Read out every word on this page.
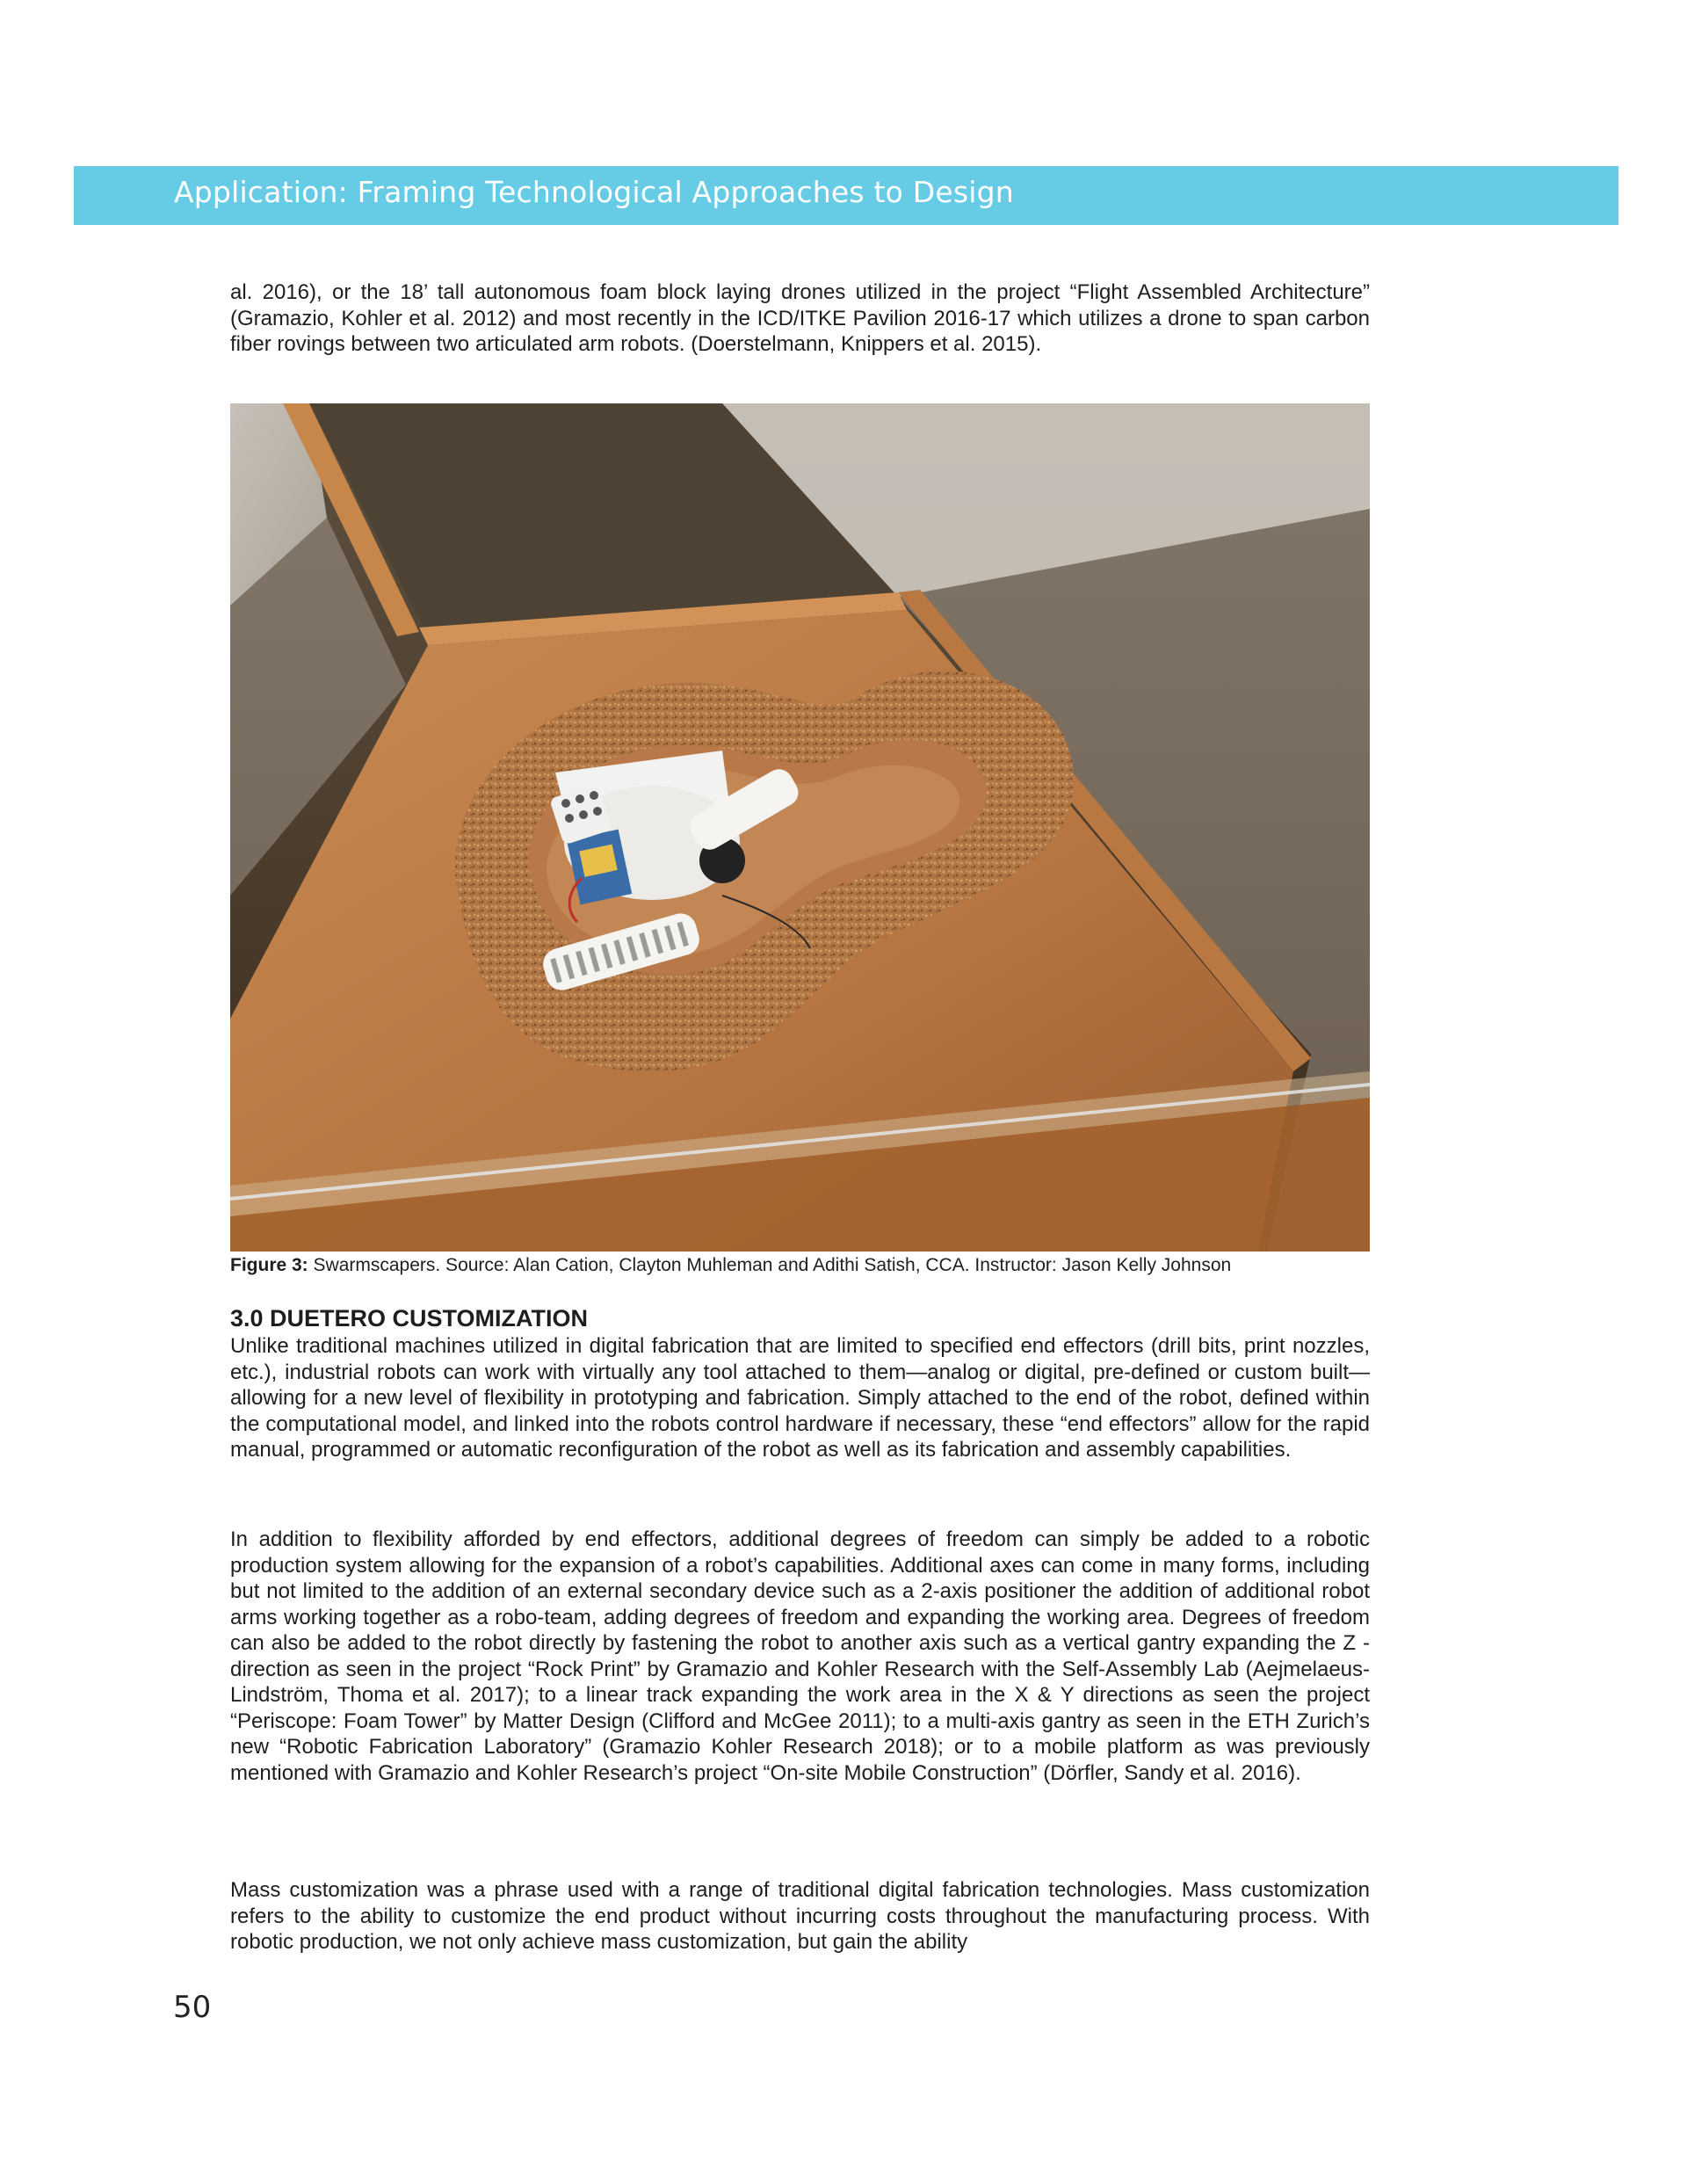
Application: Framing Technological Approaches to Design

al. 2016), or the 18’ tall autonomous foam block laying drones utilized in the project “Flight Assembled Architecture” (Gramazio, Kohler et al. 2012) and most recently in the ICD/ITKE Pavilion 2016-17 which utilizes a drone to span carbon fiber rovings between two articulated arm robots. (Doerstelmann, Knippers et al. 2015).

Figure 3: Swarmscapers. Source: Alan Cation, Clayton Muhleman and Adithi Satish, CCA. Instructor: Jason Kelly Johnson
3.0 DUETERO CUSTOMIZATION

Unlike traditional machines utilized in digital fabrication that are limited to specified end effectors (drill bits, print nozzles, etc.), industrial robots can work with virtually any tool attached to them—analog or digital, pre-defined or custom built—allowing for a new level of flexibility in prototyping and fabrication. Simply attached to the end of the robot, defined within the computational model, and linked into the robots control hardware if necessary, these “end effectors” allow for the rapid manual, programmed or automatic reconfiguration of the robot as well as its fabrication and assembly capabilities.

In addition to flexibility afforded by end effectors, additional degrees of freedom can simply be added to a robotic production system allowing for the expansion of a robot’s capabilities. Additional axes can come in many forms, including but not limited to the addition of an external secondary device such as a 2-axis positioner the addition of additional robot arms working together as a robo-team, adding degrees of freedom and expanding the working area. Degrees of freedom can also be added to the robot directly by fastening the robot to another axis such as a vertical gantry expanding the Z - direction as seen in the project “Rock Print” by Gramazio and Kohler Research with the Self-Assembly Lab (Aejmelaeus-Lindström, Thoma et al. 2017); to a linear track expanding the work area in the X & Y directions as seen the project “Periscope: Foam Tower” by Matter Design (Clifford and McGee 2011); to a multi-axis gantry as seen in the ETH Zurich’s new “Robotic Fabrication Laboratory” (Gramazio Kohler Research 2018); or to a mobile platform as was previously mentioned with Gramazio and Kohler Research’s project “On-site Mobile Construction” (Dörfler, Sandy et al. 2016).

Mass customization was a phrase used with a range of traditional digital fabrication technologies. Mass customization refers to the ability to customize the end product without incurring costs throughout the manufacturing process. With robotic production, we not only achieve mass customization, but gain the ability

50
